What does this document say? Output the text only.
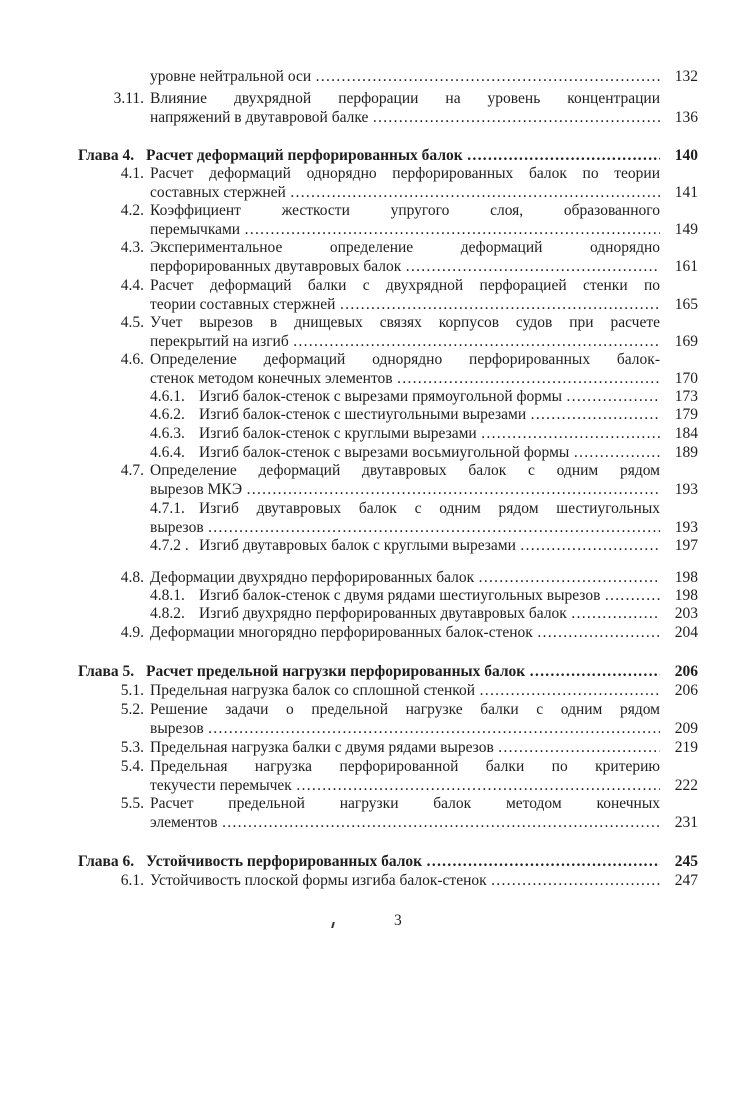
уровне нейтральной оси ………………………………………………………………………………………………………………………………………………………	132
3.11. Влияние двухрядной перфорации на уровень концентрации
напряжений в двутавровой балке ………………………………………………………………………………………………………………………………………………………	136
Глава 4. Расчет деформаций перфорированных балок ………………………………………………………………………………………………………………………………………………………	140
4.1. Расчет деформаций однорядно перфорированных балок по теории
составных стержней ………………………………………………………………………………………………………………………………………………………	141
4.2. Коэффициент жесткости упругого слоя, образованного
перемычками ………………………………………………………………………………………………………………………………………………………	149
4.3. Экспериментальное определение деформаций однорядно
перфорированных двутавровых балок ………………………………………………………………………………………………………………………………………………………	161
4.4. Расчет деформаций балки с двухрядной перфорацией стенки по
теории составных стержней ………………………………………………………………………………………………………………………………………………………	165
4.5. Учет вырезов в днищевых связях корпусов судов при расчете
перекрытий на изгиб ………………………………………………………………………………………………………………………………………………………	169
4.6. Определение деформаций однорядно перфорированных балок-
стенок методом конечных элементов ………………………………………………………………………………………………………………………………………………………	170
4.6.1. Изгиб балок-стенок с вырезами прямоугольной формы ………………………………………………………………………………………………………………………………………………………	173
4.6.2. Изгиб балок-стенок с шестиугольными вырезами ………………………………………………………………………………………………………………………………………………………	179
4.6.3. Изгиб балок-стенок с круглыми вырезами ………………………………………………………………………………………………………………………………………………………	184
4.6.4. Изгиб балок-стенок с вырезами восьмиугольной формы ………………………………………………………………………………………………………………………………………………………	189
4.7. Определение деформаций двутавровых балок с одним рядом
вырезов МКЭ ………………………………………………………………………………………………………………………………………………………	193
4.7.1. Изгиб двутавровых балок с одним рядом шестиугольных
вырезов ………………………………………………………………………………………………………………………………………………………	193
4.7.2 . Изгиб двутавровых балок с круглыми вырезами ………………………………………………………………………………………………………………………………………………………	197
4.8. Деформации двухрядно перфорированных балок ………………………………………………………………………………………………………………………………………………………	198
4.8.1. Изгиб балок-стенок с двумя рядами шестиугольных вырезов ………………………………………………………………………………………………………………………………………………………	198
4.8.2. Изгиб двухрядно перфорированных двутавровых балок ………………………………………………………………………………………………………………………………………………………	203
4.9. Деформации многорядно перфорированных балок-стенок ………………………………………………………………………………………………………………………………………………………	204
Глава 5. Расчет предельной нагрузки перфорированных балок ………………………………………………………………………………………………………………………………………………………	206
5.1. Предельная нагрузка балок со сплошной стенкой ………………………………………………………………………………………………………………………………………………………	206
5.2. Решение задачи о предельной нагрузке балки с одним рядом
вырезов ………………………………………………………………………………………………………………………………………………………	209
5.3. Предельная нагрузка балки с двумя рядами вырезов ………………………………………………………………………………………………………………………………………………………	219
5.4. Предельная нагрузка перфорированной балки по критерию
текучести перемычек ………………………………………………………………………………………………………………………………………………………	222
5.5. Расчет предельной нагрузки балок методом конечных
элементов ………………………………………………………………………………………………………………………………………………………	231
Глава 6. Устойчивость перфорированных балок ………………………………………………………………………………………………………………………………………………………	245
6.1. Устойчивость плоской формы изгиба балок-стенок ………………………………………………………………………………………………………………………………………………………	247
3
